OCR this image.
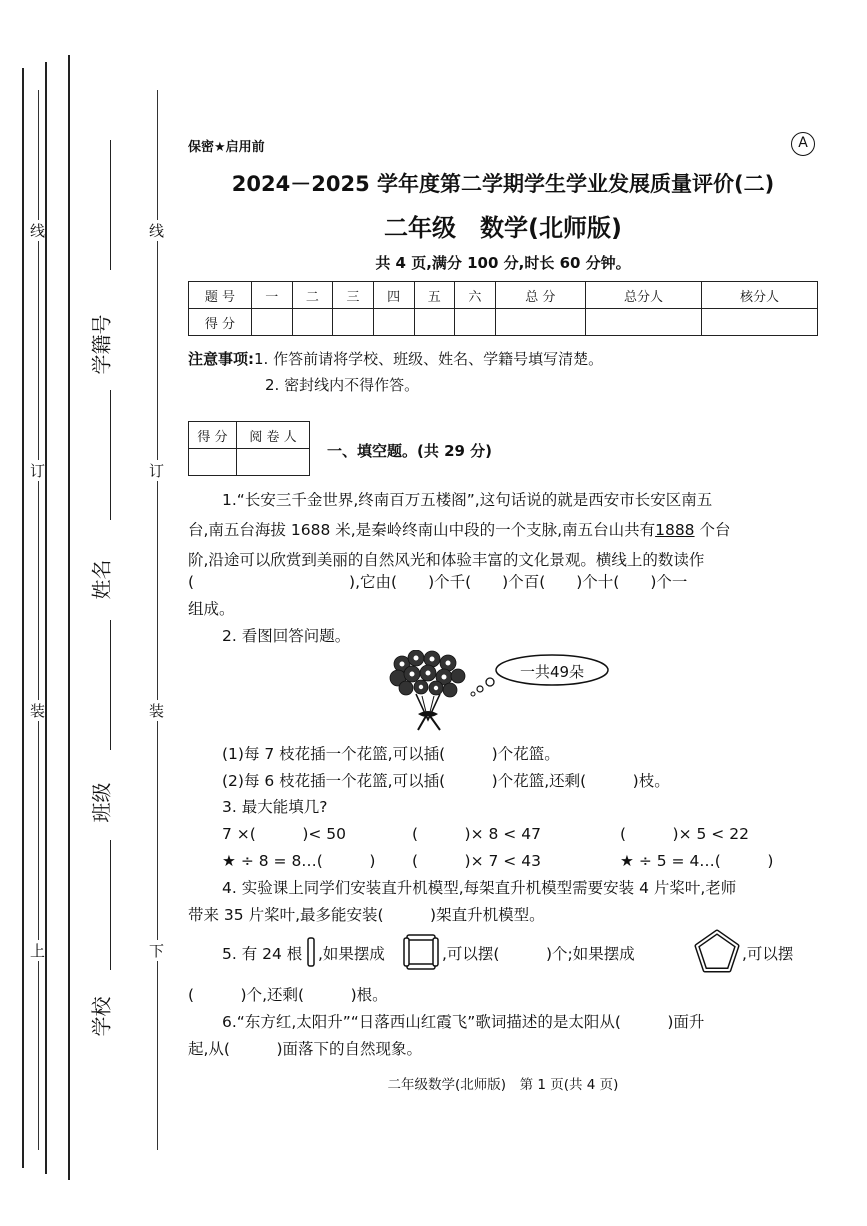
线
订
装
上
线
订
装
下
学籍号
姓名
班级
学校
保密★启用前	A
2024－2025 学年度第二学期学生学业发展质量评价(二)
二年级　数学(北师版)
共 4 页,满分 100 分,时长 60 分钟。
题 号	一	二	三	四	五	六	总 分	总分人	核分人
得 分									
注意事项:1. 作答前请将学校、班级、姓名、学籍号填写清楚。
2. 密封线内不得作答。
得 分	阅 卷 人

一、填空题。(共 29 分)
1.“长安三千金世界,终南百万五楼阁”,这句话说的就是西安市长安区南五
台,南五台海拔 1688 米,是秦岭终南山中段的一个支脉,南五台山共有1888 个台
阶,沿途可以欣赏到美丽的自然风光和体验丰富的文化景观。横线上的数读作
(　　　　　　　　　　),它由(　　)个千(　　)个百(　　)个十(　　)个一
组成。
2. 看图回答问题。
一共49朵
(1)每 7 枝花插一个花篮,可以插(　　　)个花篮。
(2)每 6 枝花插一个花篮,可以插(　　　)个花篮,还剩(　　　)枝。
3. 最大能填几?
7 ×(　　　)< 50	(　　　)× 8 < 47	(　　　)× 5 < 22
★ ÷ 8 = 8…(　　　) (　　　)× 7 < 43	★ ÷ 5 = 4…(　　　)
4. 实验课上同学们安装直升机模型,每架直升机模型需要安装 4 片桨叶,老师
带来 35 片桨叶,最多能安装(　　　)架直升机模型。
5. 有 24 根 ,如果摆成	,可以摆(　　　)个;如果摆成	,可以摆
(　　　)个,还剩(　　　)根。
6.“东方红,太阳升”“日落西山红霞飞”歌词描述的是太阳从(　　　)面升
起,从(　　　)面落下的自然现象。
二年级数学(北师版)　第 1 页(共 4 页)
